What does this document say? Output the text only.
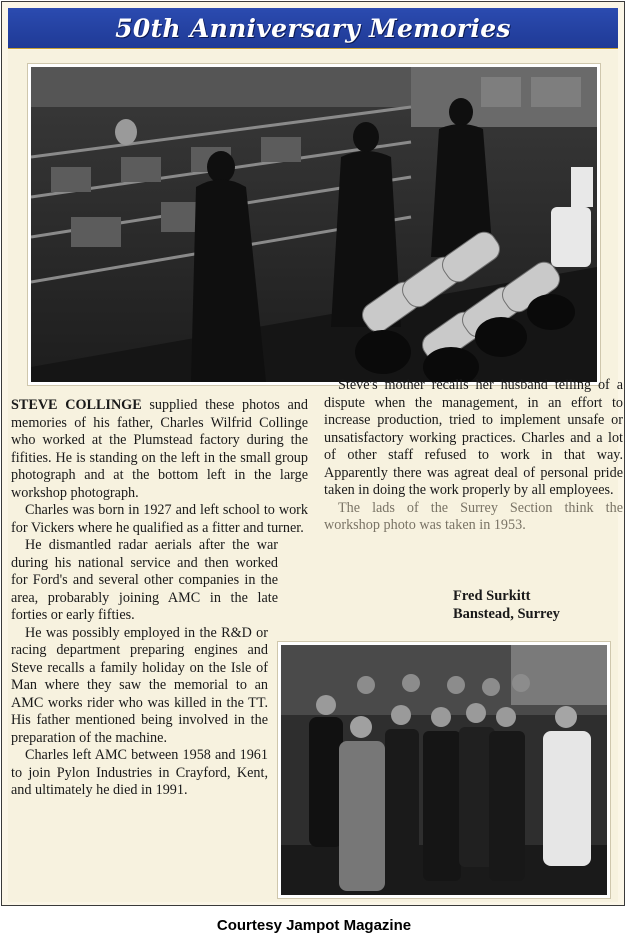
50th Anniversary Memories

STEVE COLLINGE supplied these photos and memories of his father, Charles Wilfrid Collinge who worked at the Plumstead factory during the fifities. He is standing on the left in the small group photograph and at the bottom left in the large workshop photograph.

Charles was born in 1927 and left school to work for Vickers where he qualified as a fitter and turner.

He dismantled radar aerials after the war during his national service and then worked for Ford's and several other companies in the area, probarably joining AMC in the late forties or early fifties.

He was possibly employed in the R&D or racing department preparing engines and Steve recalls a family holiday on the Isle of Man where they saw the memorial to an AMC works rider who was killed in the TT. His father mentioned being involved in the preparation of the machine.

Charles left AMC between 1958 and 1961 to join Pylon Industries in Crayford, Kent, and ultimately he died in 1991.

Steve's mother recalls her husband telling of a dispute when the management, in an effort to increase production, tried to implement unsafe or unsatisfactory working practices. Charles and a lot of other staff refused to work in that way. Apparently there was agreat deal of personal pride taken in doing the work properly by all employees.

The lads of the Surrey Section think the workshop photo was taken in 1953.

Fred Surkitt
Banstead, Surrey
Courtesy Jampot Magazine
